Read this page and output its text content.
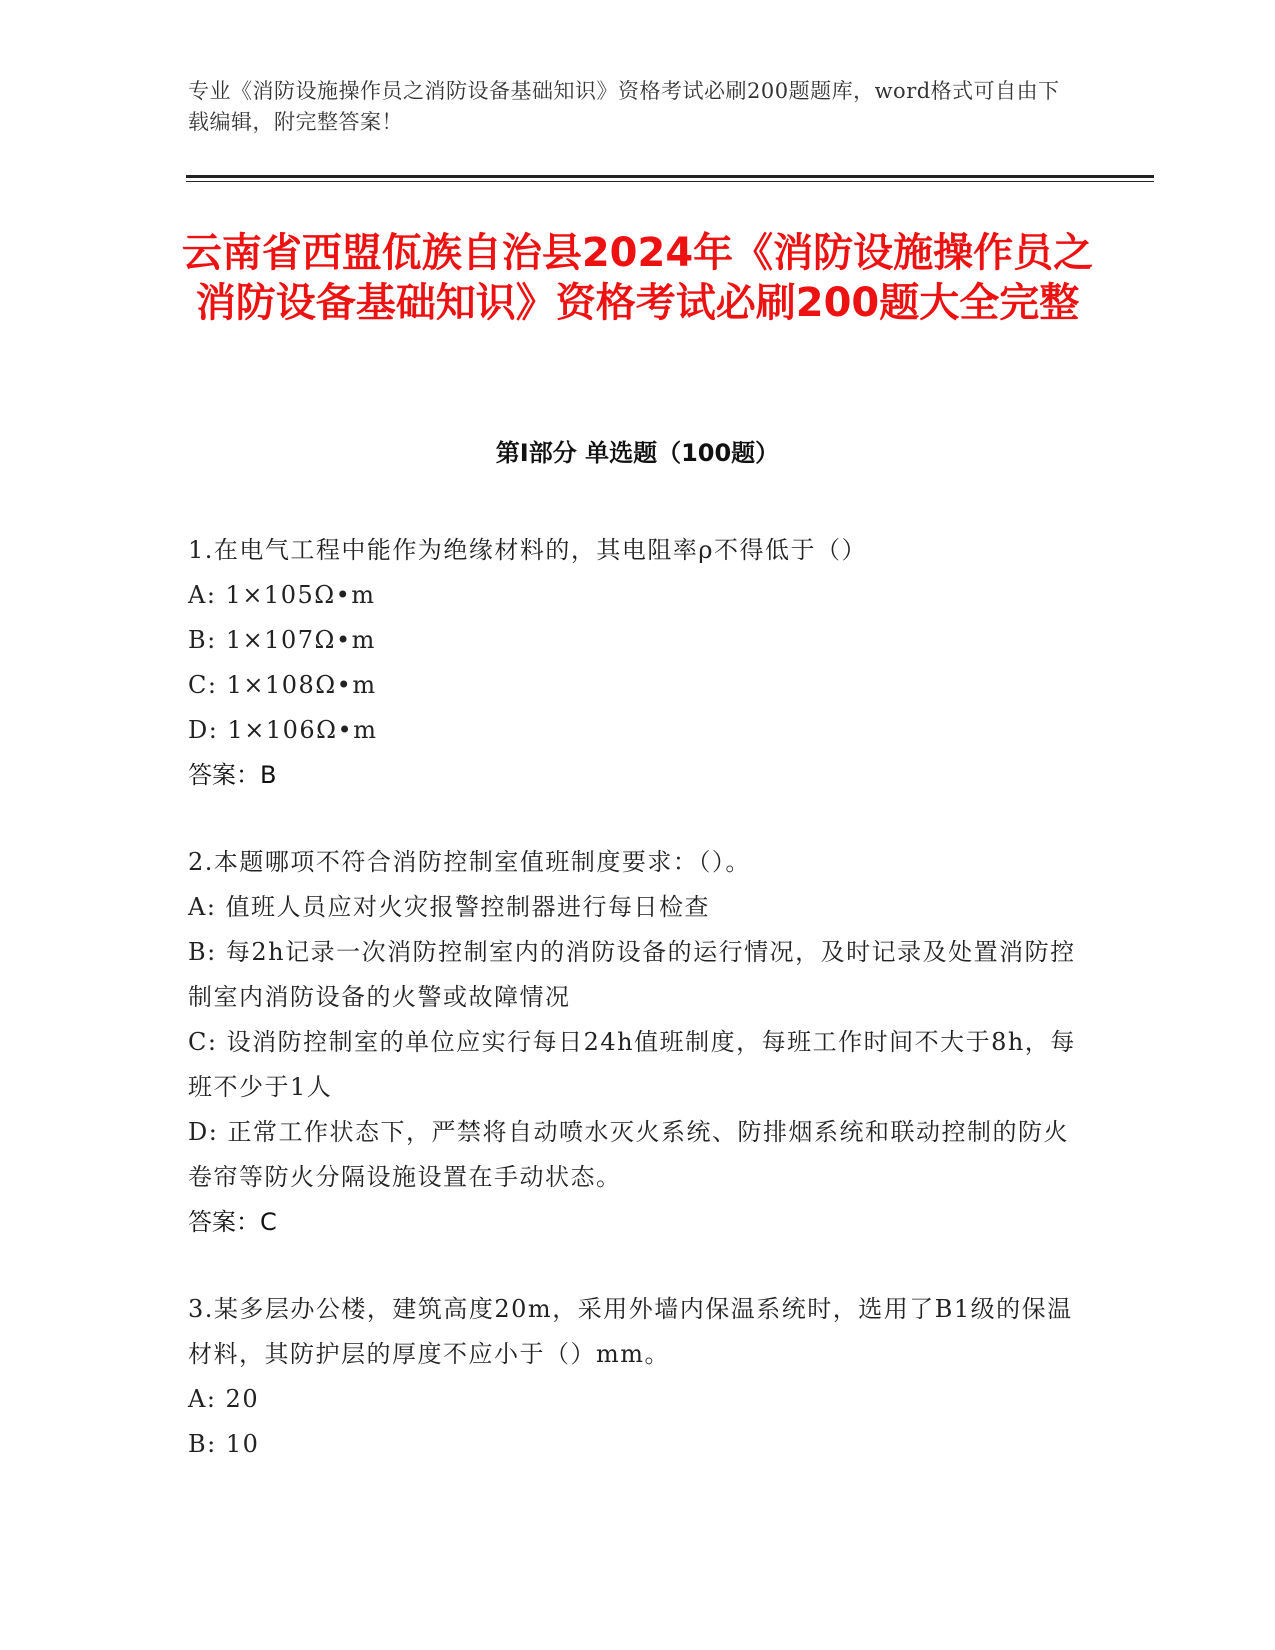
专业《消防设施操作员之消防设备基础知识》资格考试必刷200题题库，word格式可自由下载编辑，附完整答案！
云南省西盟佤族自治县2024年《消防设施操作员之消防设备基础知识》资格考试必刷200题大全完整
第Ⅰ部分 单选题（100题）
1.在电气工程中能作为绝缘材料的，其电阻率ρ不得低于（）
A: 1×105Ω•m
B: 1×107Ω•m
C: 1×108Ω•m
D: 1×106Ω•m
答案：B
2.本题哪项不符合消防控制室值班制度要求：（）。
A: 值班人员应对火灾报警控制器进行每日检查
B: 每2h记录一次消防控制室内的消防设备的运行情况，及时记录及处置消防控制室内消防设备的火警或故障情况
C: 设消防控制室的单位应实行每日24h值班制度，每班工作时间不大于8h，每班不少于1人
D: 正常工作状态下，严禁将自动喷水灭火系统、防排烟系统和联动控制的防火卷帘等防火分隔设施设置在手动状态。
答案：C
3.某多层办公楼，建筑高度20m，采用外墙内保温系统时，选用了B1级的保温材料，其防护层的厚度不应小于（）mm。
A: 20
B: 10
